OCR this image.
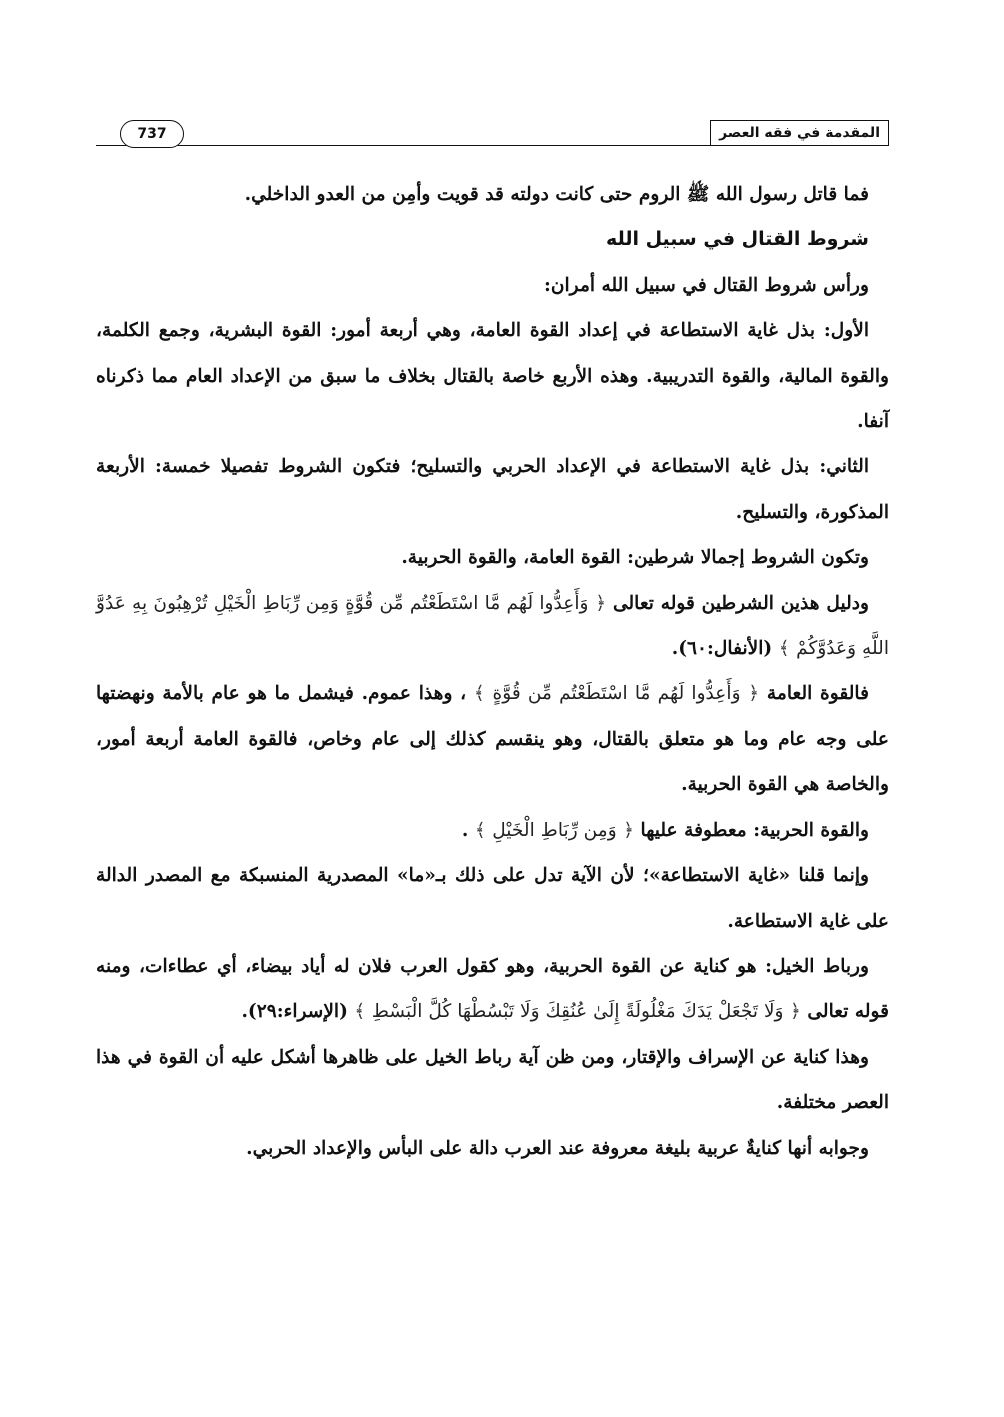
المقدمة في فقه العصر
737

فما قاتل رسول الله ﷺ الروم حتى كانت دولته قد قويت وأمِن من العدو الداخلي.

شروط القتال في سبيل الله

ورأس شروط القتال في سبيل الله أمران:

الأول: بذل غاية الاستطاعة في إعداد القوة العامة، وهي أربعة أمور: القوة البشرية، وجمع الكلمة، والقوة المالية، والقوة التدريبية. وهذه الأربع خاصة بالقتال بخلاف ما سبق من الإعداد العام مما ذكرناه آنفا.

الثاني: بذل غاية الاستطاعة في الإعداد الحربي والتسليح؛ فتكون الشروط تفصيلا خمسة: الأربعة المذكورة، والتسليح.

وتكون الشروط إجمالا شرطين: القوة العامة، والقوة الحربية.

ودليل هذين الشرطين قوله تعالى ﴿ وَأَعِدُّوا لَهُم مَّا اسْتَطَعْتُم مِّن قُوَّةٍ وَمِن رِّبَاطِ الْخَيْلِ تُرْهِبُونَ بِهِ عَدُوَّ اللَّهِ وَعَدُوَّكُمْ ﴾ (الأنفال:٦٠).

فالقوة العامة ﴿ وَأَعِدُّوا لَهُم مَّا اسْتَطَعْتُم مِّن قُوَّةٍ ﴾ ، وهذا عموم. فيشمل ما هو عام بالأمة ونهضتها على وجه عام وما هو متعلق بالقتال، وهو ينقسم كذلك إلى عام وخاص، فالقوة العامة أربعة أمور، والخاصة هي القوة الحربية.

والقوة الحربية: معطوفة عليها ﴿ وَمِن رِّبَاطِ الْخَيْلِ ﴾ .

وإنما قلنا «غاية الاستطاعة»؛ لأن الآية تدل على ذلك بـ«ما» المصدرية المنسبكة مع المصدر الدالة على غاية الاستطاعة.

ورباط الخيل: هو كناية عن القوة الحربية، وهو كقول العرب فلان له أياد بيضاء، أي عطاءات، ومنه قوله تعالى ﴿ وَلَا تَجْعَلْ يَدَكَ مَغْلُولَةً إِلَىٰ عُنُقِكَ وَلَا تَبْسُطْهَا كُلَّ الْبَسْطِ ﴾ (الإسراء:٢٩).

وهذا كناية عن الإسراف والإقتار، ومن ظن آية رباط الخيل على ظاهرها أشكل عليه أن القوة في هذا العصر مختلفة.

وجوابه أنها كنايةٌ عربية بليغة معروفة عند العرب دالة على البأس والإعداد الحربي.
